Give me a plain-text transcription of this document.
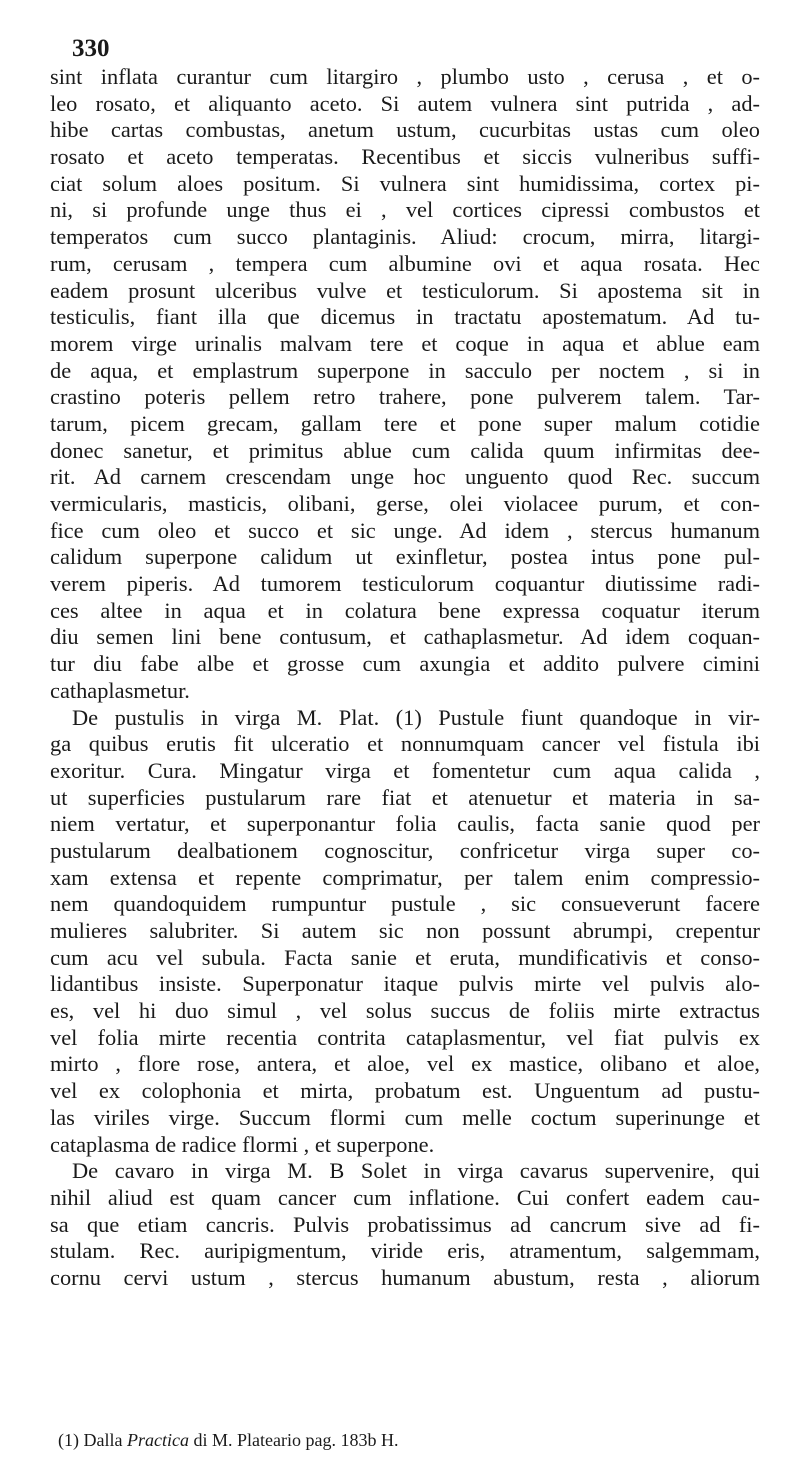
330
sint inflata curantur cum litargiro , plumbo usto , cerusa , et o-
leo rosato, et aliquanto aceto. Si autem vulnera sint putrida , ad-
hibe cartas combustas, anetum ustum, cucurbitas ustas cum oleo
rosato et aceto temperatas. Recentibus et siccis vulneribus suffi-
ciat solum aloes positum. Si vulnera sint humidissima, cortex pi-
ni, si profunde unge thus ei , vel cortices cipressi combustos et
temperatos cum succo plantaginis. Aliud: crocum, mirra, litargi-
rum, cerusam , tempera cum albumine ovi et aqua rosata. Hec
eadem prosunt ulceribus vulve et testiculorum. Si apostema sit in
testiculis, fiant illa que dicemus in tractatu apostematum. Ad tu-
morem virge urinalis malvam tere et coque in aqua et ablue eam
de aqua, et emplastrum superpone in sacculo per noctem , si in
crastino poteris pellem retro trahere, pone pulverem talem. Tar-
tarum, picem grecam, gallam tere et pone super malum cotidie
donec sanetur, et primitus ablue cum calida quum infirmitas dee-
rit. Ad carnem crescendam unge hoc unguento quod Rec. succum
vermicularis, masticis, olibani, gerse, olei violacee purum, et con-
fice cum oleo et succo et sic unge. Ad idem , stercus humanum
calidum superpone calidum ut exinfletur, postea intus pone pul-
verem piperis. Ad tumorem testiculorum coquantur diutissime radi-
ces altee in aqua et in colatura bene expressa coquatur iterum
diu semen lini bene contusum, et cathaplasmetur. Ad idem coquan-
tur diu fabe albe et grosse cum axungia et addito pulvere cimini
cathaplasmetur.
De pustulis in virga M. Plat. (1) Pustule fiunt quandoque in vir-
ga quibus erutis fit ulceratio et nonnumquam cancer vel fistula ibi
exoritur. Cura. Mingatur virga et fomentetur cum aqua calida ,
ut superficies pustularum rare fiat et atenuetur et materia in sa-
niem vertatur, et superponantur folia caulis, facta sanie quod per
pustularum dealbationem cognoscitur, confricetur virga super co-
xam extensa et repente comprimatur, per talem enim compressio-
nem quandoquidem rumpuntur pustule , sic consueverunt facere
mulieres salubriter. Si autem sic non possunt abrumpi, crepentur
cum acu vel subula. Facta sanie et eruta, mundificativis et conso-
lidantibus insiste. Superponatur itaque pulvis mirte vel pulvis alo-
es, vel hi duo simul , vel solus succus de foliis mirte extractus
vel folia mirte recentia contrita cataplasmentur, vel fiat pulvis ex
mirto , flore rose, antera, et aloe, vel ex mastice, olibano et aloe,
vel ex colophonia et mirta, probatum est. Unguentum ad pustu-
las viriles virge. Succum flormi cum melle coctum superinunge et
cataplasma de radice flormi , et superpone.
De cavaro in virga M. B Solet in virga cavarus supervenire, qui
nihil aliud est quam cancer cum inflatione. Cui confert eadem cau-
sa que etiam cancris. Pulvis probatissimus ad cancrum sive ad fi-
stulam. Rec. auripigmentum, viride eris, atramentum, salgemmam,
cornu cervi ustum , stercus humanum abustum, resta , aliorum
(1) Dalla Practica di M. Plateario pag. 183b H.
